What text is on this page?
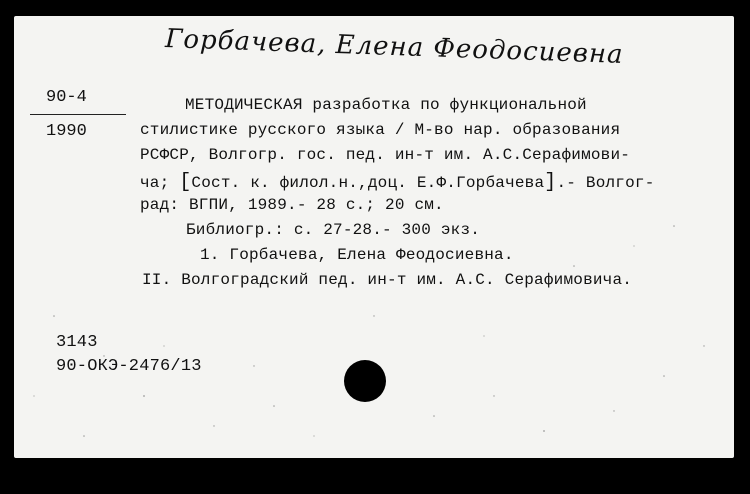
Горбачева, Елена Феодосиевна
90-4
1990
МЕТОДИЧЕСКАЯ разработка по функциональной
стилистике русского языка / М-во нар. образования
РСФСР, Волгогр. гос. пед. ин-т им. А.С.Серафимови-
ча; [Сост. к. филол.н.,доц. Е.Ф.Горбачева].- Волгог-
рад: ВГПИ, 1989.- 28 с.; 20 см.
Библиогр.: с. 27-28.- 300 экз.
1. Горбачева, Елена Феодосиевна.
II. Волгоградский пед. ин-т им. А.С. Серафимовича.
3143
90-ОКЭ-2476/13
